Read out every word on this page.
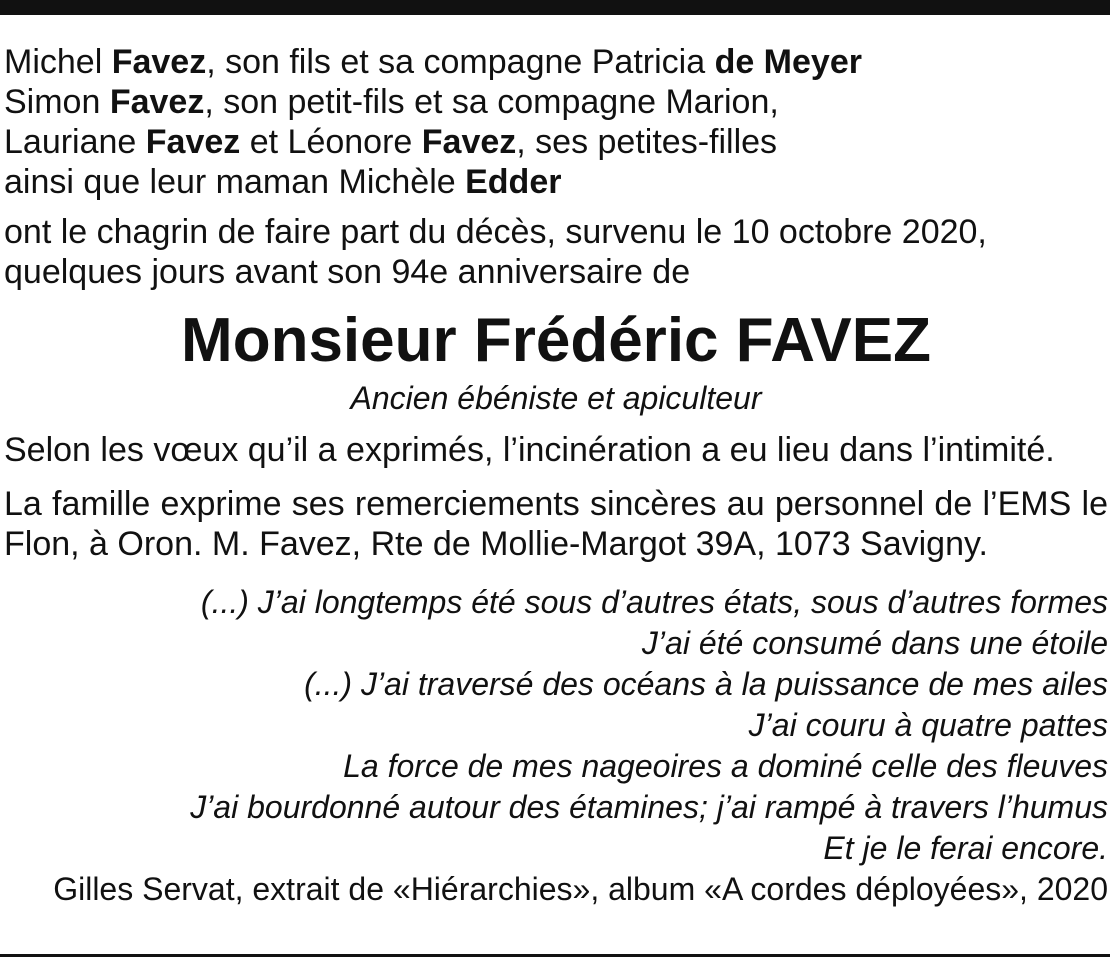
Michel Favez, son fils et sa compagne Patricia de Meyer

Simon Favez, son petit-fils et sa compagne Marion,

Lauriane Favez et Léonore Favez, ses petites-filles

ainsi que leur maman Michèle Edder

ont le chagrin de faire part du décès, survenu le 10 octobre 2020, quelques jours avant son 94e anniversaire de

Monsieur Frédéric FAVEZ

Ancien ébéniste et apiculteur

Selon les vœux qu’il a exprimés, l’incinération a eu lieu dans l’intimité.

La famille exprime ses remerciements sincères au personnel de l’EMS le Flon, à Oron. M. Favez, Rte de Mollie-Margot 39A, 1073 Savigny.

(...) J’ai longtemps été sous d’autres états, sous d’autres formes

J’ai été consumé dans une étoile

(...) J’ai traversé des océans à la puissance de mes ailes

J’ai couru à quatre pattes

La force de mes nageoires a dominé celle des fleuves

J’ai bourdonné autour des étamines; j’ai rampé à travers l’humus

Et je le ferai encore.

Gilles Servat, extrait de «Hiérarchies», album «A cordes déployées», 2020
